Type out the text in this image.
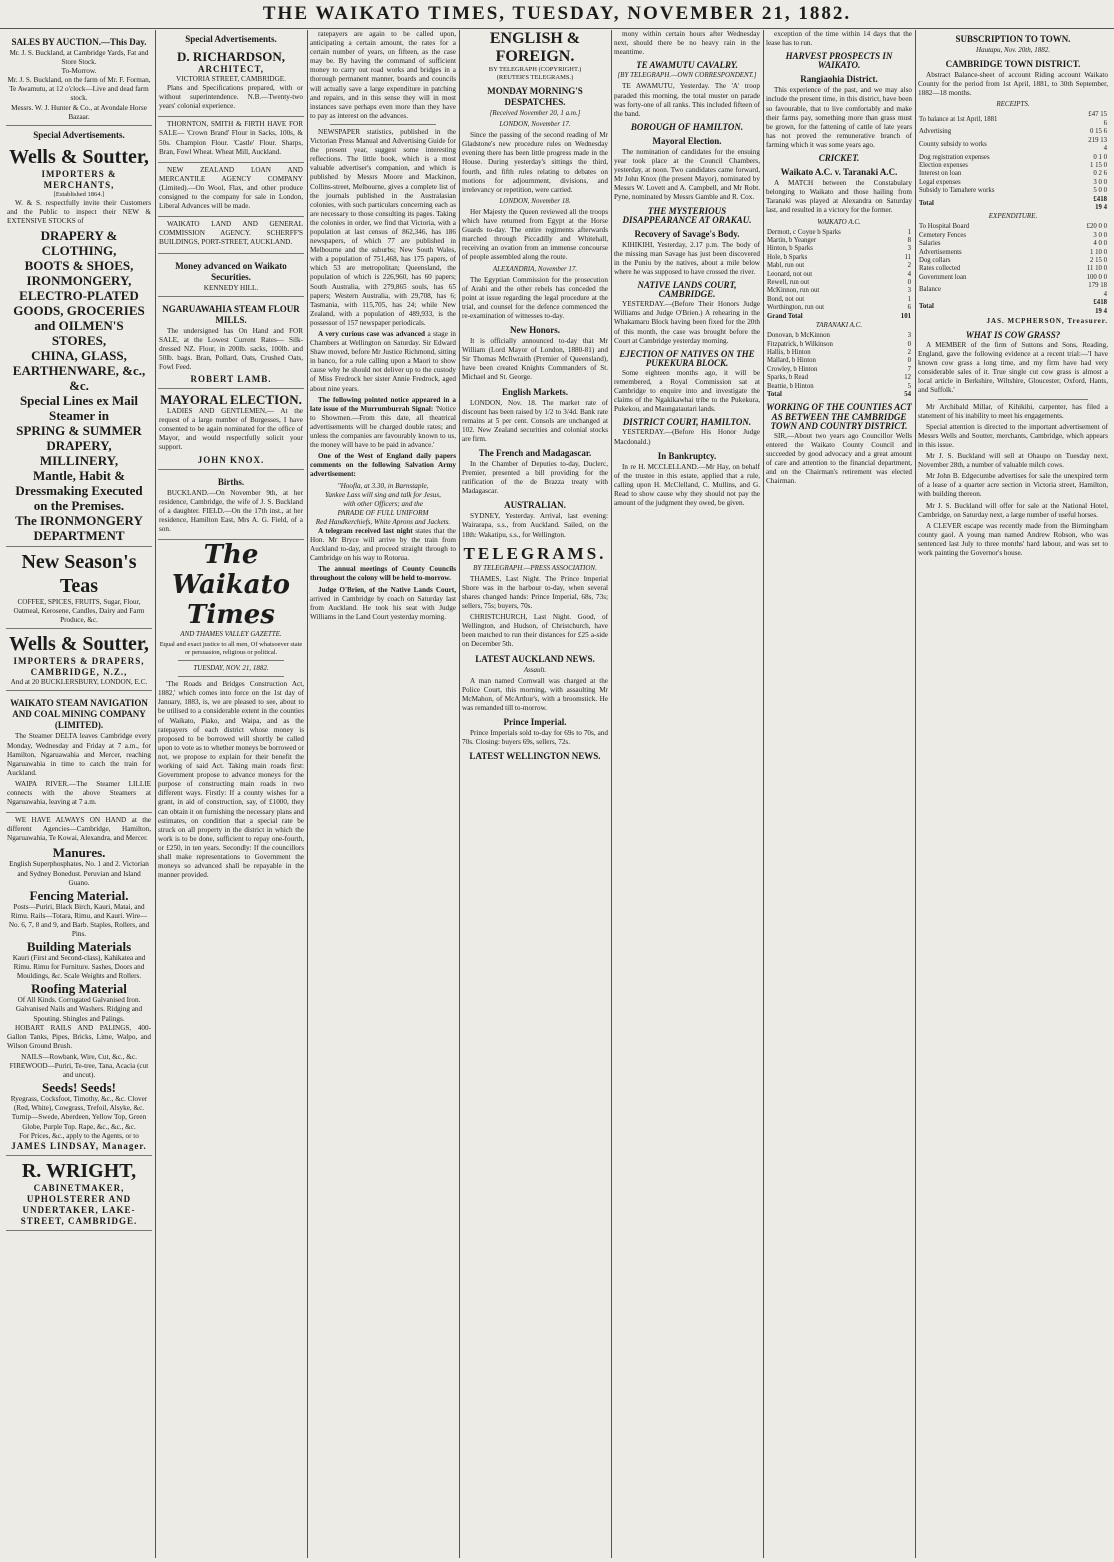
THE WAIKATO TIMES, TUESDAY, NOVEMBER 21, 1882.
SALES BY AUCTION.—This Day.
Mr. J. S. Buckland, at Cambridge Yards, Fat and Store Stock.
To-Morrow.
Mr. J. S. Buckland, on the farm of Mr. F. Forman, Te Awamutu, at 12 o'clock—Live and dead farm stock.
Messrs. W. J. Hunter & Co., at Avondale Horse Bazaar.
Special Advertisements.
Wells & Soutter,
IMPORTERS & MERCHANTS,
[Established 1864.]
W. & S. respectfully invite their Customers and the Public to inspect their NEW & EXTENSIVE STOCKS of
DRAPERY & CLOTHING,
BOOTS & SHOES,
IRONMONGERY,
ELECTRO-PLATED GOODS, GROCERIES and OILMEN'S STORES,
CHINA, GLASS,
EARTHENWARE, &c., &c.
Special Lines ex Mail Steamer in
SPRING & SUMMER DRAPERY,
MILLINERY,
Mantle, Habit & Dressmaking Executed on the Premises.
The IRONMONGERY DEPARTMENT
New Season's Teas
COFFEE, SPICES, FRUITS, Sugar, Flour, Oatmeal, Kerosene, Candles, Dairy and Farm Produce, &c.
Wells & Soutter,
IMPORTERS & DRAPERS, CAMBRIDGE, N.Z.,
And at 20 BUCKLERSBURY, LONDON, E.C.
WAIKATO STEAM NAVIGATION AND COAL MINING COMPANY (LIMITED).
The Steamer DELTA leaves Cambridge every Monday, Wednesday and Friday at 7 a.m., for Hamilton, Ngaruawahia and Mercer, reaching Ngaruawahia in time to catch the train for Auckland.
WAIPA RIVER.—The Steamer LILLIE connects with the above Steamers at Ngaruawahia, leaving at 7 a.m.
WE HAVE ALWAYS ON HAND at the different Agencies—Cambridge, Hamilton, Ngaruawahia, Te Kowai, Alexandra, and Mercer.
Manures.
English Superphosphates, No. 1 and 2. Victorian and Sydney Bonedust. Peruvian and Island Guano.
Fencing Material.
Posts—Puriri, Black Birch, Kauri, Matai, and Rimu. Rails—Totara, Rimu, and Kauri. Wire—No. 6, 7, 8 and 9, and Barb. Staples, Rollers, and Pins.
Building Materials
Kauri (First and Second-class), Kahikatea and Rimu. Rimu for Furniture. Sashes, Doors and Mouldings, &c. Scale Weights and Rollers.
Roofing Material
Of All Kinds. Corrugated Galvanised Iron. Galvanised Nails and Washers. Ridging and Spouting. Shingles and Palings.
HOBART RAILS AND PALINGS, 400-Gallon Tanks, Pipes, Bricks, Lime, Walpo, and Wilson Ground Brush.
NAILS—Rowbank, Wire, Cut, &c., &c.
FIREWOOD—Puriri, Te-tree, Tana, Acacia (cut and uncut).
Seeds! Seeds!
Ryegrass, Cocksfoot, Timothy, &c., &c. Clover (Red, White), Cowgrass, Trefoil, Alsyke, &c. Turnip—Swede, Aberdeen, Yellow Top, Green Globe, Purple Top. Rape, &c., &c., &c.
For Prices, &c., apply to the Agents, or to
JAMES LINDSAY, Manager.
R. WRIGHT,
CABINETMAKER, UPHOLSTERER AND UNDERTAKER, LAKE-STREET, CAMBRIDGE.
Special Advertisements.
D. RICHARDSON,
ARCHITECT,
VICTORIA STREET, CAMBRIDGE.
Plans and Specifications prepared, with or without superintendence. N.B.—Twenty-two years' colonial experience.
THORNTON, SMITH & FIRTH HAVE FOR SALE— 'Crown Brand' Flour in Sacks, 100s, & 50s. Champion Flour. 'Castle' Flour. Sharps, Bran, Fowl Wheat. Wheat Mill, Auckland.
NEW ZEALAND LOAN AND MERCANTILE AGENCY COMPANY (Limited).—On Wool, Flax, and other produce consigned to the company for sale in London, Liberal Advances will be made.
WAIKATO LAND AND GENERAL COMMISSION AGENCY. SCHERFF'S BUILDINGS, PORT-STREET, AUCKLAND.
Money advanced on Waikato Securities.
KENNEDY HILL.
NGARUAWAHIA STEAM FLOUR MILLS.
The undersigned has On Hand and FOR SALE, at the Lowest Current Rates— Silk-dressed NZ. Flour, in 200lb. sacks, 100lb. and 50lb. bags. Bran, Pollard, Oats, Crushed Oats, Fowl Feed.
ROBERT LAMB.
MAYORAL ELECTION.
LADIES AND GENTLEMEN,— At the request of a large number of Burgesses, I have consented to be again nominated for the office of Mayor, and would respectfully solicit your support.
JOHN KNOX.
Births.
BUCKLAND.—On November 9th, at her residence, Cambridge, the wife of J. S. Buckland of a daughter. FIELD.—On the 17th inst., at her residence, Hamilton East, Mrs A. G. Field, of a son.
The Waikato Times
AND THAMES VALLEY GAZETTE.
Equal and exact justice to all men, Of whatsoever state or persuasion, religious or political.
TUESDAY, NOV. 21, 1882.
'The Roads and Bridges Construction Act, 1882,' which comes into force on the 1st day of January, 1883, is, we are pleased to see, about to be utilised to a considerable extent in the counties of Waikato, Piako, and Waipa, and as the ratepayers of each district whose money is proposed to be borrowed will shortly be called upon to vote as to whether moneys be borrowed or not, we propose to explain for their benefit the working of said Act. Taking main roads first: Government propose to advance moneys for the purpose of constructing main roads in two different ways. Firstly: If a county wishes for a grant, in aid of construction, say, of £1000, they can obtain it on furnishing the necessary plans and estimates, on condition that a special rate be struck on all property in the district in which the work is to be done, sufficient to repay one-fourth, or £250, in ten years. Secondly: If the councillors shall make representations to Government the moneys so advanced shall be repayable in the manner provided.
ratepayers are again to be called upon, anticipating a certain amount, the rates for a certain number of years, on fifteen, as the case may be. By having the command of sufficient money to carry out road works and bridges in a thorough permanent manner, boards and councils will actually save a large expenditure in patching and repairs, and in this sense they will in most instances save perhaps even more than they have to pay as interest on the advances.
NEWSPAPER statistics, published in the Victorian Press Manual and Advertising Guide for the present year, suggest some interesting reflections. The little book, which is a most valuable advertiser's companion, and which is published by Messrs Moore and Mackinon, Collins-street, Melbourne, gives a complete list of the journals published in the Australasian colonies, with such particulars concerning each as are necessary to those consulting its pages. Taking the colonies in order, we find that Victoria, with a population at last census of 862,346, has 186 newspapers, of which 77 are published in Melbourne and the suburbs; New South Wales, with a population of 751,468, has 175 papers, of which 53 are metropolitan; Queensland, the population of which is 226,960, has 60 papers; South Australia, with 279,865 souls, has 65 papers; Western Australia, with 29,708, has 6; Tasmania, with 115,705, has 24; while New Zealand, with a population of 489,933, is the possessor of 157 newspaper periodicals.
A very curious case was advanced a stage in Chambers at Wellington on Saturday. Sir Edward Shaw moved, before Mr Justice Richmond, sitting in banco, for a rule calling upon a Maori to show cause why he should not deliver up to the custody of Miss Fredrock her sister Annie Fredrock, aged about nine years.
The following pointed notice appeared in a late issue of the Murrumburrah Signal: 'Notice to Showmen.—From this date, all theatrical advertisements will be charged double rates; and unless the companies are favourably known to us, the money will have to be paid in advance.'
One of the West of England daily papers comments on the following Salvation Army advertisement:
"Hoofla, at 3.30, in Barnstaple,
Yankee Lass will sing and talk for Jesus,
with other Officers; and the
PARADE OF FULL UNIFORM
Red Handkerchiefs, White Aprons and Jackets.
A telegram received last night states that the Hon. Mr Bryce will arrive by the train from Auckland to-day, and proceed straight through to Cambridge on his way to Rotorua.
The annual meetings of County Councils throughout the colony will be held to-morrow.
Judge O'Brien, of the Native Lands Court, arrived in Cambridge by coach on Saturday last from Auckland. He took his seat with Judge Williams in the Land Court yesterday morning.
ENGLISH & FOREIGN.
BY TELEGRAPH (COPYRIGHT.)
(REUTER'S TELEGRAMS.)
MONDAY MORNING'S DESPATCHES.
[Received November 20, 1 a.m.]
LONDON, November 17.
Since the passing of the second reading of Mr Gladstone's new procedure rules on Wednesday evening there has been little progress made in the House. During yesterday's sittings the third, fourth, and fifth rules relating to debates on motions for adjournment, divisions, and irrelevancy or repetition, were carried.
LONDON, November 18.
Her Majesty the Queen reviewed all the troops which have returned from Egypt at the Horse Guards to-day. The entire regiments afterwards marched through Piccadilly and Whitehall, receiving an ovation from an immense concourse of people assembled along the route.
ALEXANDRIA, November 17.
The Egyptian Commission for the prosecution of Arabi and the other rebels has conceded the point at issue regarding the legal procedure at the trial, and counsel for the defence commenced the re-examination of witnesses to-day.
New Honors.
It is officially announced to-day that Mr William (Lord Mayor of London, 1880-81) and Sir Thomas McIlwraith (Premier of Queensland), have been created Knights Commanders of St. Michael and St. George.
English Markets.
LONDON, Nov. 18. The market rate of discount has been raised by 1/2 to 3/4d. Bank rate remains at 5 per cent. Consols are unchanged at 102. New Zealand securities and colonial stocks are firm.
The French and Madagascar.
In the Chamber of Deputies to-day, Duclerc, Premier, presented a bill providing for the ratification of the de Brazza treaty with Madagascar.
AUSTRALIAN.
SYDNEY, Yesterday. Arrival, last evening: Wairarapa, s.s., from Auckland. Sailed, on the 18th: Wakatipu, s.s., for Wellington.
TELEGRAMS.
BY TELEGRAPH.—PRESS ASSOCIATION.
THAMES, Last Night. The Prince Imperial Shore was in the harbour to-day, when several shares changed hands: Prince Imperial, 68s, 73s; sellers, 75s; buyers, 70s.
CHRISTCHURCH, Last Night. Good, of Wellington, and Hudson, of Christchurch, have been matched to run their distances for £25 a-side on December 5th.
LATEST AUCKLAND NEWS.
Assault.
A man named Cornwall was charged at the Police Court, this morning, with assaulting Mr McMahon, of McArthur's, with a broomstick. He was remanded till to-morrow.
Prince Imperial.
Prince Imperials sold to-day for 69s to 70s, and 70s. Closing: buyers 69s, sellers, 72s.
LATEST WELLINGTON NEWS.
mony within certain hours after Wednesday next, should there be no heavy rain in the meantime.
TE AWAMUTU CAVALRY.
[BY TELEGRAPH.—OWN CORRESPONDENT.]
TE AWAMUTU, Yesterday. The 'A' troop paraded this morning, the total muster on parade was forty-one of all ranks. This included fifteen of the band.
BOROUGH OF HAMILTON.
Mayoral Election.
The nomination of candidates for the ensuing year took place at the Council Chambers, yesterday, at noon. Two candidates came forward, Mr John Knox (the present Mayor), nominated by Messrs W. Lovett and A. Campbell, and Mr Robt. Pyne, nominated by Messrs Gamble and R. Cox.
THE MYSTERIOUS DISAPPEARANCE AT ORAKAU.
Recovery of Savage's Body.
KIHIKIHI, Yesterday, 2.17 p.m. The body of the missing man Savage has just been discovered in the Puniu by the natives, about a mile below where he was supposed to have crossed the river.
NATIVE LANDS COURT, CAMBRIDGE.
YESTERDAY.—(Before Their Honors Judge Williams and Judge O'Brien.) A rehearing in the Whakamaru Block having been fixed for the 20th of this month, the case was brought before the Court at Cambridge yesterday morning.
EJECTION OF NATIVES ON THE PUKEKURA BLOCK.
Some eighteen months ago, it will be remembered, a Royal Commission sat at Cambridge to enquire into and investigate the claims of the Ngakikawhai tribe to the Pukekura, Pukekou, and Maungatautari lands.
DISTRICT COURT, HAMILTON.
YESTERDAY.—(Before His Honor Judge Macdonald.)
In Bankruptcy.
In re H. MCCLELLAND.—Mr Hay, on behalf of the trustee in this estate, applied that a rule, calling upon H. McClelland, C. Mullins, and G. Read to show cause why they should not pay the amount of the judgment they owed, be given.
exception of the time within 14 days that the lease has to run.
HARVEST PROSPECTS IN WAIKATO.
Rangiaohia District.
This experience of the past, and we may also include the present time, in this district, have been so favourable, that to live comfortably and make their farms pay, something more than grass must be grown, for the fattening of cattle of late years has not proved the remunerative branch of farming which it was some years ago.
CRICKET.
Waikato A.C. v. Taranaki A.C.
A MATCH between the Constabulary belonging to Waikato and those hailing from Taranaki was played at Alexandra on Saturday last, and resulted in a victory for the former.
WAIKATO A.C.
Dermott, c Coyne b Sparks	1
Martin, b Yeanger	8
Hinton, b Sparks	3
Hole, b Sparks	11
Mabl, run out	2
Leonard, not out	4
Rewell, run out	0
McKinnon, run out	3
Bond, not out	1
Worthington, run out	6
Grand Total	101
TARANAKI A.C.
Donovan, b McKinnon	3
Fitzpatrick, b Wilkinson	0
Hallis, b Hinton	2
Mallard, b Hinton	0
Crowley, b Hinton	7
Sparks, b Read	12
Beattie, b Hinton	5
Total	54
WORKING OF THE COUNTIES ACT AS BETWEEN THE CAMBRIDGE TOWN AND COUNTRY DISTRICT.
SIR,—About two years ago Councillor Wells entered the Waikato County Council and succeeded by good advocacy and a great amount of care and attention to the financial department, and on the Chairman's retirement was elected Chairman.
SUBSCRIPTION TO TOWN.
Hautapu, Nov. 20th, 1882.
CAMBRIDGE TOWN DISTRICT.
Abstract Balance-sheet of account Riding account Waikato County for the period from 1st April, 1881, to 30th September, 1882—18 months.
RECEIPTS.
To balance at 1st April, 1881	£47 15 6
Advertising	0 15 6
County subsidy to works	219 13 4
Dog registration expenses	0 1 0
Election expenses	1 15 0
Interest on loan	0 2 6
Legal expenses	3 0 0
Subsidy to Tamahere works	5 0 0
Total	£418 19 4
EXPENDITURE.
To Hospital Board	£20 0 0
Cemetery Fences	3 0 0
Salaries	4 0 0
Advertisements	1 10 0
Dog collars	2 15 0
Rates collected	11 10 0
Government loan	100 0 0
Balance	179 18 4
Total	£418 19 4
JAS. MCPHERSON, Treasurer.
WHAT IS COW GRASS?
A MEMBER of the firm of Suttons and Sons, Reading, England, gave the following evidence at a recent trial:—'I have known cow grass a long time, and my firm have had very considerable sales of it. True single cut cow grass is almost a local article in Berkshire, Wiltshire, Gloucester, Oxford, Hants, and Suffolk.'
Mr Archibald Millar, of Kihikihi, carpenter, has filed a statement of his inability to meet his engagements.
Special attention is directed to the important advertisement of Messrs Wells and Soutter, merchants, Cambridge, which appears in this issue.
Mr J. S. Buckland will sell at Ohaupo on Tuesday next, November 28th, a number of valuable milch cows.
Mr John B. Edgecumbe advertises for sale the unexpired term of a lease of a quarter acre section in Victoria street, Hamilton, with building thereon.
Mr J. S. Buckland will offer for sale at the National Hotel, Cambridge, on Saturday next, a large number of useful horses.
A CLEVER escape was recently made from the Birmingham county gaol. A young man named Andrew Robson, who was sentenced last July to three months' hard labour, and was set to work painting the Governor's house.
